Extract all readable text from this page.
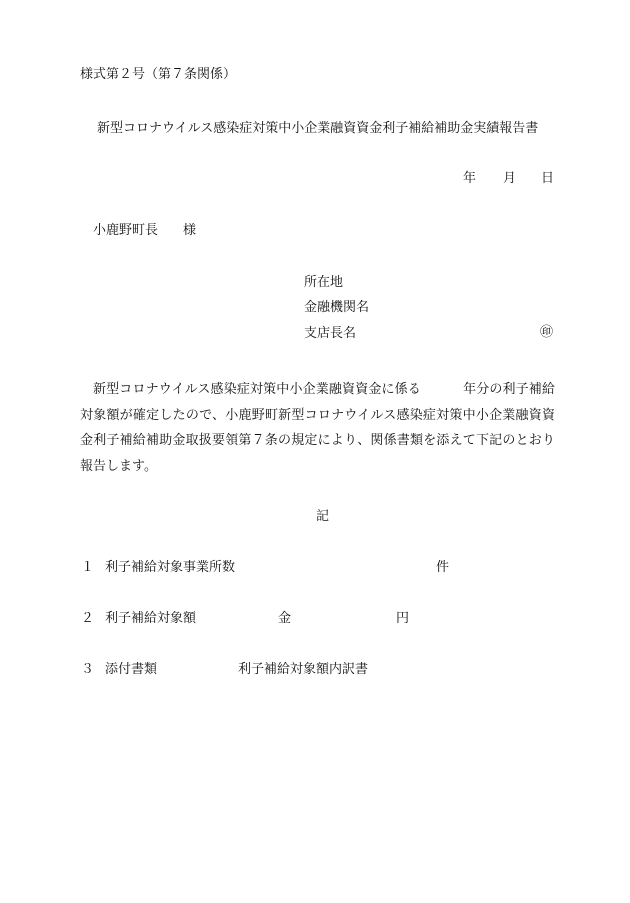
様式第２号（第７条関係）
新型コロナウイルス感染症対策中小企業融資資金利子補給補助金実績報告書
年 月 日
小鹿野町長 様
所在地
金融機関名
支店長名	㊞
新型コロナウイルス感染症対策中小企業融資資金に係る	年分の利子補給対象額が確定したので、小鹿野町新型コロナウイルス感染症対策中小企業融資資金利子補給補助金取扱要領第７条の規定により、関係書類を添えて下記のとおり報告します。
記
１ 利子補給対象事業所数	件
２ 利子補給対象額	金	円
３ 添付書類	利子補給対象額内訳書
